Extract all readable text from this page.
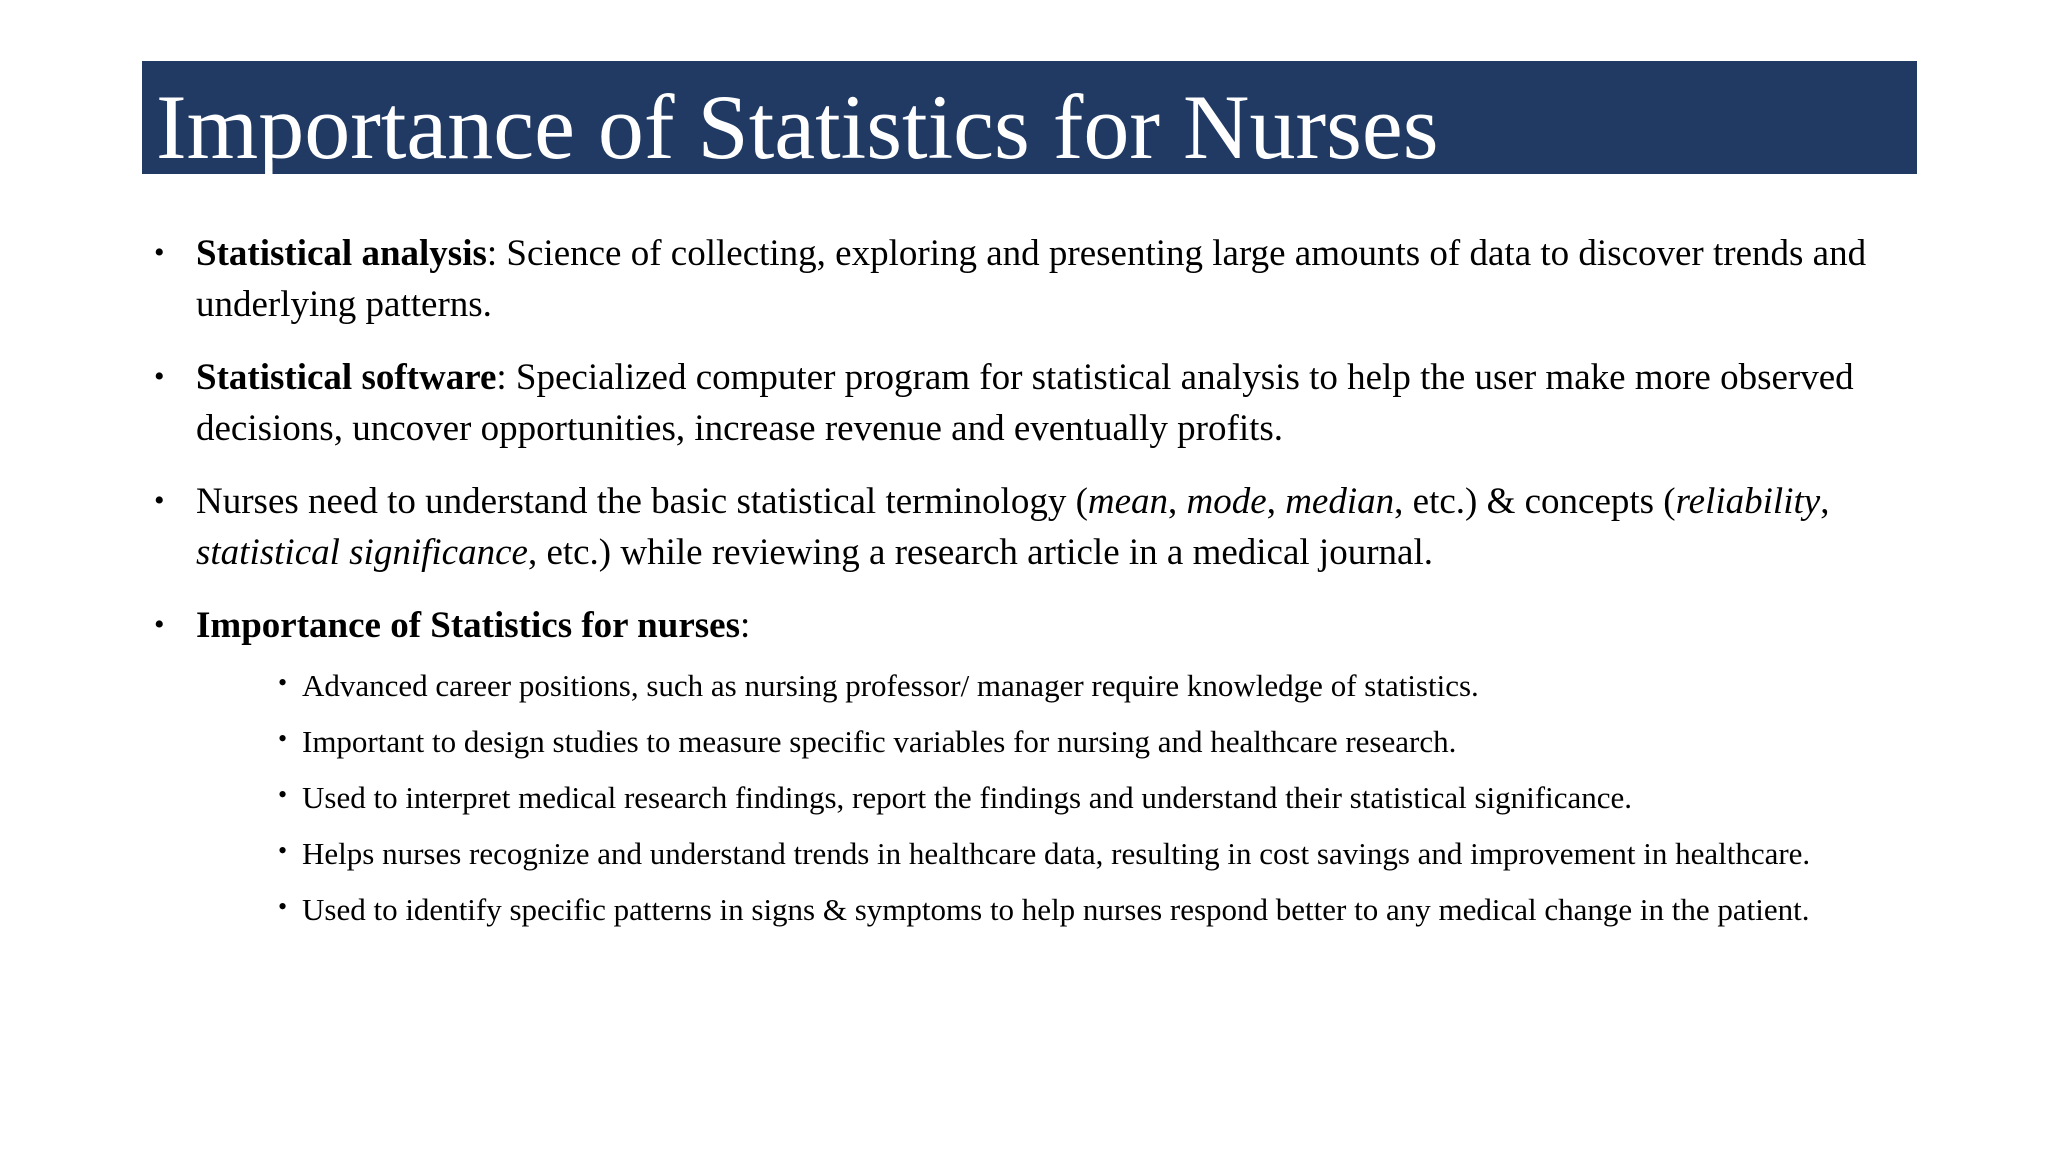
Importance of Statistics for Nurses
• Statistical analysis: Science of collecting, exploring and presenting large amounts of data to discover trends and underlying patterns.
• Statistical software: Specialized computer program for statistical analysis to help the user make more observed decisions, uncover opportunities, increase revenue and eventually profits.
• Nurses need to understand the basic statistical terminology (mean, mode, median, etc.) & concepts (reliability, statistical significance, etc.) while reviewing a research article in a medical journal.
• Importance of Statistics for nurses:
• Advanced career positions, such as nursing professor/ manager require knowledge of statistics.
• Important to design studies to measure specific variables for nursing and healthcare research.
• Used to interpret medical research findings, report the findings and understand their statistical significance.
• Helps nurses recognize and understand trends in healthcare data, resulting in cost savings and improvement in healthcare.
• Used to identify specific patterns in signs & symptoms to help nurses respond better to any medical change in the patient.
